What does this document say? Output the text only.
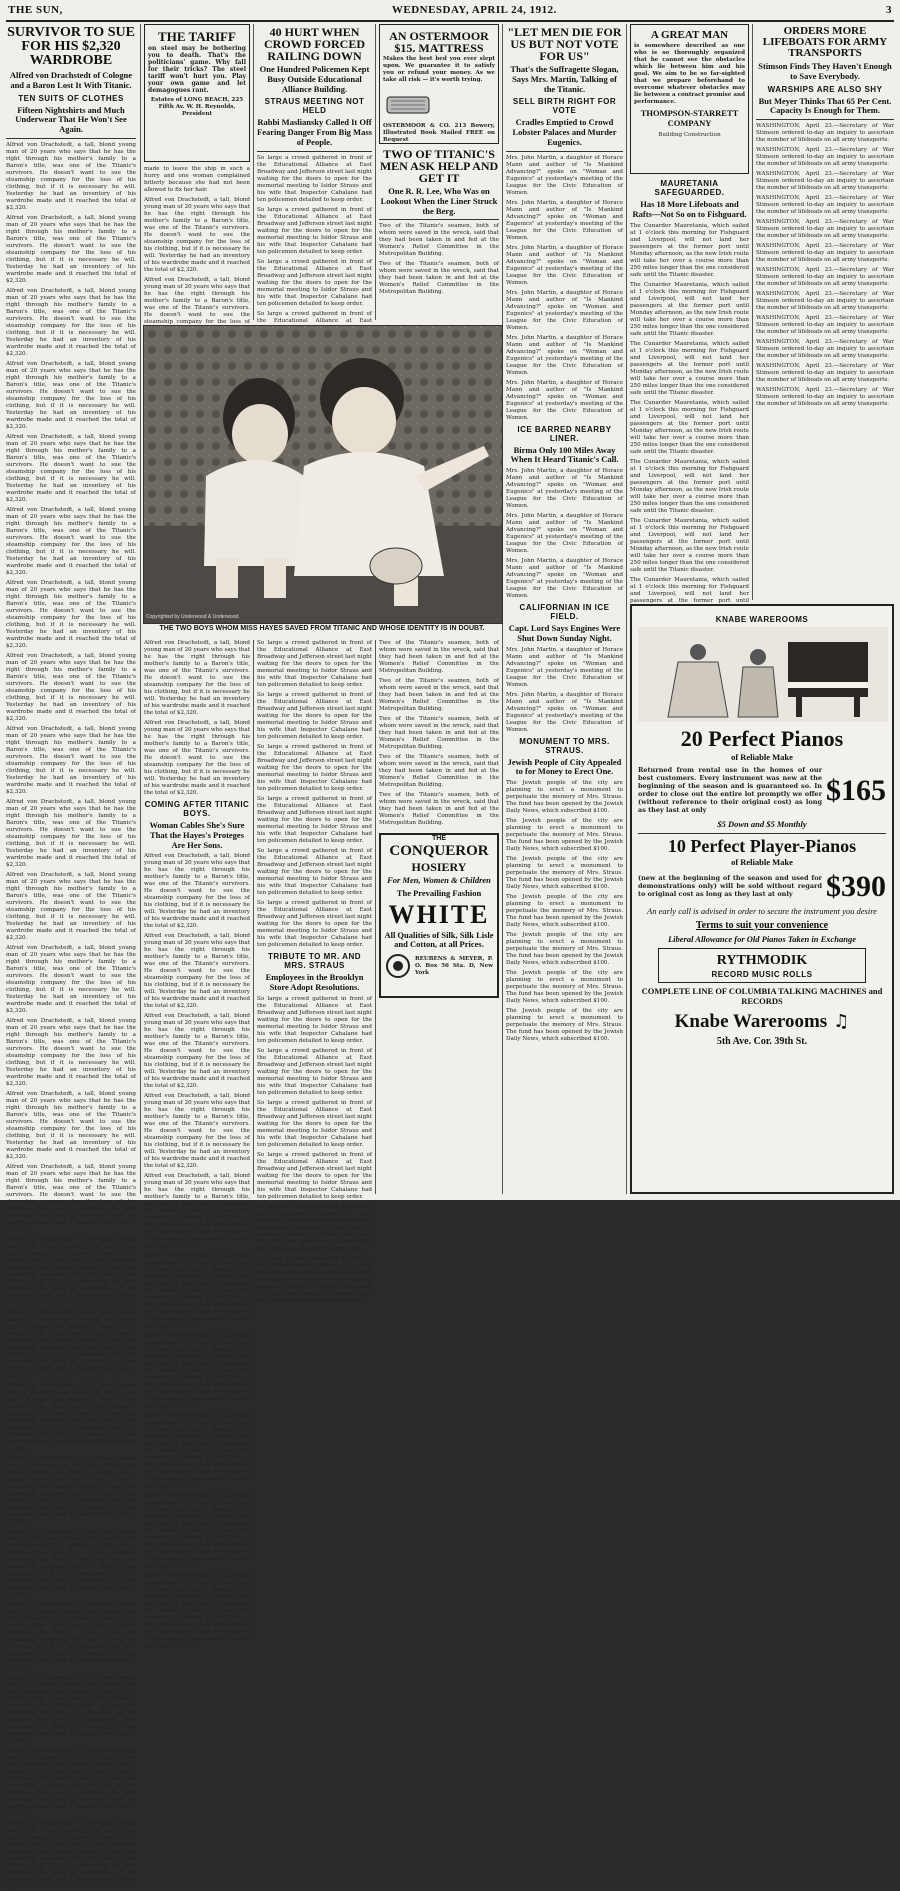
THE SUN,	WEDNESDAY, APRIL 24, 1912.	3
SURVIVOR TO SUE FOR HIS $2,320 WARDROBE
Alfred von Drachstedt of Cologne and a Baron Lost It With Titanic.
TEN SUITS OF CLOTHES
Fifteen Nightshirts and Much Underwear That He Won't See Again.

Alfred von Drachstedt, a tall, blond young man of 20 years who says that he has the right through his mother's family to a Baron's title, was one of the Titanic's survivors. He doesn't want to sue the steamship company for the loss of his clothing, but if it is necessary he will. Yesterday he had an inventory of his wardrobe made and it reached the total of $2,320.

Alfred von Drachstedt, a tall, blond young man of 20 years who says that he has the right through his mother's family to a Baron's title, was one of the Titanic's survivors. He doesn't want to sue the steamship company for the loss of his clothing, but if it is necessary he will. Yesterday he had an inventory of his wardrobe made and it reached the total of $2,320.

Alfred von Drachstedt, a tall, blond young man of 20 years who says that he has the right through his mother's family to a Baron's title, was one of the Titanic's survivors. He doesn't want to sue the steamship company for the loss of his clothing, but if it is necessary he will. Yesterday he had an inventory of his wardrobe made and it reached the total of $2,320.

Alfred von Drachstedt, a tall, blond young man of 20 years who says that he has the right through his mother's family to a Baron's title, was one of the Titanic's survivors. He doesn't want to sue the steamship company for the loss of his clothing, but if it is necessary he will. Yesterday he had an inventory of his wardrobe made and it reached the total of $2,320.

Alfred von Drachstedt, a tall, blond young man of 20 years who says that he has the right through his mother's family to a Baron's title, was one of the Titanic's survivors. He doesn't want to sue the steamship company for the loss of his clothing, but if it is necessary he will. Yesterday he had an inventory of his wardrobe made and it reached the total of $2,320.

Alfred von Drachstedt, a tall, blond young man of 20 years who says that he has the right through his mother's family to a Baron's title, was one of the Titanic's survivors. He doesn't want to sue the steamship company for the loss of his clothing, but if it is necessary he will. Yesterday he had an inventory of his wardrobe made and it reached the total of $2,320.

Alfred von Drachstedt, a tall, blond young man of 20 years who says that he has the right through his mother's family to a Baron's title, was one of the Titanic's survivors. He doesn't want to sue the steamship company for the loss of his clothing, but if it is necessary he will. Yesterday he had an inventory of his wardrobe made and it reached the total of $2,320.

Alfred von Drachstedt, a tall, blond young man of 20 years who says that he has the right through his mother's family to a Baron's title, was one of the Titanic's survivors. He doesn't want to sue the steamship company for the loss of his clothing, but if it is necessary he will. Yesterday he had an inventory of his wardrobe made and it reached the total of $2,320.

Alfred von Drachstedt, a tall, blond young man of 20 years who says that he has the right through his mother's family to a Baron's title, was one of the Titanic's survivors. He doesn't want to sue the steamship company for the loss of his clothing, but if it is necessary he will. Yesterday he had an inventory of his wardrobe made and it reached the total of $2,320.

Alfred von Drachstedt, a tall, blond young man of 20 years who says that he has the right through his mother's family to a Baron's title, was one of the Titanic's survivors. He doesn't want to sue the steamship company for the loss of his clothing, but if it is necessary he will. Yesterday he had an inventory of his wardrobe made and it reached the total of $2,320.

Alfred von Drachstedt, a tall, blond young man of 20 years who says that he has the right through his mother's family to a Baron's title, was one of the Titanic's survivors. He doesn't want to sue the steamship company for the loss of his clothing, but if it is necessary he will. Yesterday he had an inventory of his wardrobe made and it reached the total of $2,320.

Alfred von Drachstedt, a tall, blond young man of 20 years who says that he has the right through his mother's family to a Baron's title, was one of the Titanic's survivors. He doesn't want to sue the steamship company for the loss of his clothing, but if it is necessary he will. Yesterday he had an inventory of his wardrobe made and it reached the total of $2,320.

Alfred von Drachstedt, a tall, blond young man of 20 years who says that he has the right through his mother's family to a Baron's title, was one of the Titanic's survivors. He doesn't want to sue the steamship company for the loss of his clothing, but if it is necessary he will. Yesterday he had an inventory of his wardrobe made and it reached the total of $2,320.

Alfred von Drachstedt, a tall, blond young man of 20 years who says that he has the right through his mother's family to a Baron's title, was one of the Titanic's survivors. He doesn't want to sue the steamship company for the loss of his clothing, but if it is necessary he will. Yesterday he had an inventory of his wardrobe made and it reached the total of $2,320.

Alfred von Drachstedt, a tall, blond young man of 20 years who says that he has the right through his mother's family to a Baron's title, was one of the Titanic's survivors. He doesn't want to sue the steamship company for the loss of his clothing, but if it is necessary he will. Yesterday he had an inventory of his wardrobe made and it reached the total of $2,320.

Alfred von Drachstedt, a tall, blond young man of 20 years who says that he has the right through his mother's family to a Baron's title, was one of the Titanic's survivors. He doesn't want to sue the steamship company for the loss of his clothing, but if it is necessary he will. Yesterday he had an inventory of his wardrobe made and it reached the total of $2,320.

Alfred von Drachstedt, a tall, blond young man of 20 years who says that he has the right through his mother's family to a Baron's title, was one of the Titanic's survivors. He doesn't want to sue the steamship company for the loss of his clothing, but if it is necessary he will. Yesterday he had an inventory of his wardrobe made and it reached the total of $2,320.

Alfred von Drachstedt, a tall, blond young man of 20 years who says that he has the right through his mother's family to a Baron's title, was one of the Titanic's survivors. He doesn't want to sue the steamship company for the loss of his clothing, but if it is necessary he will. Yesterday he had an inventory of his wardrobe made and it reached the total of $2,320.

Alfred von Drachstedt, a tall, blond young man of 20 years who says that he has the right through his mother's family to a Baron's title, was one of the Titanic's survivors. He doesn't want to sue the steamship company for the loss of his clothing, but if it is necessary he will. Yesterday he had an inventory of his wardrobe made and it reached the total of $2,320.

Alfred von Drachstedt, a tall, blond young man of 20 years who says that he has the right through his mother's family to a Baron's title, was one of the Titanic's survivors. He doesn't want to sue the steamship company for the loss of his clothing, but if it is necessary he will. Yesterday he had an inventory of his wardrobe made and it reached the total of $2,320.

Alfred von Drachstedt, a tall, blond young man of 20 years who says that he has the right through his mother's family to a Baron's title, was one of the Titanic's survivors. He doesn't want to sue the steamship company for the loss of his clothing, but if it is necessary he will. Yesterday he had an inventory of his wardrobe made and it reached the total of $2,320.

Alfred von Drachstedt, a tall, blond young man of 20 years who says that he has the right through his mother's family to a Baron's title, was one of the Titanic's survivors. He doesn't want to sue the steamship company for the loss of his clothing, but if it is necessary he will. Yesterday he had an inventory of his wardrobe made and it reached the total of $2,320.

Alfred von Drachstedt, a tall, blond young man of 20 years who says that he has the right through his mother's family to a Baron's title, was one of the Titanic's survivors. He doesn't want to sue the steamship company for the loss of his clothing, but if it is necessary he will. Yesterday he had an inventory of his wardrobe made and it reached the total of $2,320.

Alfred von Drachstedt, a tall, blond young man of 20 years who says that he has the right through his mother's family to a Baron's title, was one of the Titanic's survivors. He doesn't want to sue the steamship company for the loss of his clothing, but if it is necessary he will. Yesterday he had an inventory of his wardrobe made and it reached the total of $2,320.

THE TARIFF

on steel may be bothering you to death. That's the politicians' game. Why fall for their tricks? The steel tariff won't hurt you. Play your own game and let demagogues rant.

Estates of LONG BEACH, 225 Fifth Av. W. H. Reynolds, President

made to leave the ship in such a hurry and one woman complained bitterly because she had not been allowed to fix her hair.

Alfred von Drachstedt, a tall, blond young man of 20 years who says that he has the right through his mother's family to a Baron's title, was one of the Titanic's survivors. He doesn't want to sue the steamship company for the loss of his clothing, but if it is necessary he will. Yesterday he had an inventory of his wardrobe made and it reached the total of $2,320.

Alfred von Drachstedt, a tall, blond young man of 20 years who says that he has the right through his mother's family to a Baron's title, was one of the Titanic's survivors. He doesn't want to sue the steamship company for the loss of

40 HURT WHEN CROWD FORCED RAILING DOWN
One Hundred Policemen Kept Busy Outside Educational Alliance Building.
STRAUS MEETING NOT HELD
Rabbi Masliansky Called It Off Fearing Danger From Big Mass of People.

So large a crowd gathered in front of the Educational Alliance at East Broadway and Jefferson street last night waiting for the doors to open for the memorial meeting to Isidor Straus and his wife that Inspector Cahalane had ten policemen detailed to keep order.

So large a crowd gathered in front of the Educational Alliance at East Broadway and Jefferson street last night waiting for the doors to open for the memorial meeting to Isidor Straus and his wife that Inspector Cahalane had ten policemen detailed to keep order.

So large a crowd gathered in front of the Educational Alliance at East Broadway and Jefferson street last night waiting for the doors to open for the memorial meeting to Isidor Straus and his wife that Inspector Cahalane had ten policemen detailed to keep order.

So large a crowd gathered in front of the Educational Alliance at East

AN OSTERMOOR $15. MATTRESS

Makes the best bed you ever slept upon. We guarantee it to satisfy you or refund your money. As we take all risk — it's worth trying.

OSTERMOOR & CO. 213 Bowery, Illustrated Book Mailed FREE on Request

TWO OF TITANIC'S MEN ASK HELP AND GET IT
One R. R. Lee, Who Was on Lookout When the Liner Struck the Berg.

Two of the Titanic's seamen, both of whom were saved in the wreck, said that they had been taken in and fed at the Women's Relief Committee in the Metropolitan Building.

Two of the Titanic's seamen, both of whom were saved in the wreck, said that they had been taken in and fed at the Women's Relief Committee in the Metropolitan Building.

Copyrighted by Underwood & Underwood.
THE TWO BOYS WHOM MISS HAYES SAVED FROM TITANIC AND WHOSE IDENTITY IS IN DOUBT.

Alfred von Drachstedt, a tall, blond young man of 20 years who says that he has the right through his mother's family to a Baron's title, was one of the Titanic's survivors. He doesn't want to sue the steamship company for the loss of his clothing, but if it is necessary he will. Yesterday he had an inventory of his wardrobe made and it reached the total of $2,320.

Alfred von Drachstedt, a tall, blond young man of 20 years who says that he has the right through his mother's family to a Baron's title, was one of the Titanic's survivors. He doesn't want to sue the steamship company for the loss of his clothing, but if it is necessary he will. Yesterday he had an inventory of his wardrobe made and it reached the total of $2,320.

COMING AFTER TITANIC BOYS.
Woman Cables She's Sure That the Hayes's Proteges Are Her Sons.

Alfred von Drachstedt, a tall, blond young man of 20 years who says that he has the right through his mother's family to a Baron's title, was one of the Titanic's survivors. He doesn't want to sue the steamship company for the loss of his clothing, but if it is necessary he will. Yesterday he had an inventory of his wardrobe made and it reached the total of $2,320.

Alfred von Drachstedt, a tall, blond young man of 20 years who says that he has the right through his mother's family to a Baron's title, was one of the Titanic's survivors. He doesn't want to sue the steamship company for the loss of his clothing, but if it is necessary he will. Yesterday he had an inventory of his wardrobe made and it reached the total of $2,320.

Alfred von Drachstedt, a tall, blond young man of 20 years who says that he has the right through his mother's family to a Baron's title, was one of the Titanic's survivors. He doesn't want to sue the steamship company for the loss of his clothing, but if it is necessary he will. Yesterday he had an inventory of his wardrobe made and it reached the total of $2,320.

Alfred von Drachstedt, a tall, blond young man of 20 years who says that he has the right through his mother's family to a Baron's title, was one of the Titanic's survivors. He doesn't want to sue the steamship company for the loss of his clothing, but if it is necessary he will. Yesterday he had an inventory of his wardrobe made and it reached the total of $2,320.

Alfred von Drachstedt, a tall, blond young man of 20 years who says that he has the right through his mother's family to a Baron's title, was one of the Titanic's survivors. He doesn't want to sue the steamship company for the loss of his clothing, but if it is necessary he will. Yesterday he had an inventory of his wardrobe made and it reached the total of $2,320.

Alfred von Drachstedt, a tall, blond young man of 20 years who says that he has the right through his mother's family to a Baron's title, was one of the Titanic's survivors. He doesn't want to sue the steamship company for the loss of his clothing, but if it is necessary he will. Yesterday he had an inventory of his wardrobe made and it reached the total of $2,320.

Alfred von Drachstedt, a tall, blond young man of 20 years who says that he has the right through his mother's family to a Baron's title, was one of the Titanic's survivors. He doesn't want to sue the steamship company for the loss of his clothing, but if it is necessary he will. Yesterday he had an inventory of his wardrobe made and it reached the total of $2,320.

Alfred von Drachstedt, a tall, blond young man of 20 years who says that he has the right through his mother's family to a Baron's title, was one of the Titanic's survivors. He doesn't want to sue the steamship company for the loss of his clothing, but if it is necessary he will. Yesterday he had an inventory of his wardrobe made and it reached the total of $2,320.

Alfred von Drachstedt, a tall, blond young man of 20 years who says that he has the right through his mother's family to a Baron's title, was one of the Titanic's survivors. He doesn't want to sue the steamship company for the loss of his clothing, but if it is necessary he will. Yesterday he had an inventory of his wardrobe made and it reached the total of $2,320.

Alfred von Drachstedt, a tall, blond young man of 20 years who says that he has the right through his mother's family to a Baron's title, was one of the Titanic's survivors. He doesn't want to sue the steamship company for the loss of his clothing, but if it is necessary he will. Yesterday he had an inventory of his wardrobe made and it reached the total of $2,320.

So large a crowd gathered in front of the Educational Alliance at East Broadway and Jefferson street last night waiting for the doors to open for the memorial meeting to Isidor Straus and his wife that Inspector Cahalane had ten policemen detailed to keep order.

So large a crowd gathered in front of the Educational Alliance at East Broadway and Jefferson street last night waiting for the doors to open for the memorial meeting to Isidor Straus and his wife that Inspector Cahalane had ten policemen detailed to keep order.

So large a crowd gathered in front of the Educational Alliance at East Broadway and Jefferson street last night waiting for the doors to open for the memorial meeting to Isidor Straus and his wife that Inspector Cahalane had ten policemen detailed to keep order.

So large a crowd gathered in front of the Educational Alliance at East Broadway and Jefferson street last night waiting for the doors to open for the memorial meeting to Isidor Straus and his wife that Inspector Cahalane had ten policemen detailed to keep order.

So large a crowd gathered in front of the Educational Alliance at East Broadway and Jefferson street last night waiting for the doors to open for the memorial meeting to Isidor Straus and his wife that Inspector Cahalane had ten policemen detailed to keep order.

So large a crowd gathered in front of the Educational Alliance at East Broadway and Jefferson street last night waiting for the doors to open for the memorial meeting to Isidor Straus and his wife that Inspector Cahalane had ten policemen detailed to keep order.

TRIBUTE TO MR. AND MRS. STRAUS
Employees in the Brooklyn Store Adopt Resolutions.

So large a crowd gathered in front of the Educational Alliance at East Broadway and Jefferson street last night waiting for the doors to open for the memorial meeting to Isidor Straus and his wife that Inspector Cahalane had ten policemen detailed to keep order.

So large a crowd gathered in front of the Educational Alliance at East Broadway and Jefferson street last night waiting for the doors to open for the memorial meeting to Isidor Straus and his wife that Inspector Cahalane had ten policemen detailed to keep order.

So large a crowd gathered in front of the Educational Alliance at East Broadway and Jefferson street last night waiting for the doors to open for the memorial meeting to Isidor Straus and his wife that Inspector Cahalane had ten policemen detailed to keep order.

So large a crowd gathered in front of the Educational Alliance at East Broadway and Jefferson street last night waiting for the doors to open for the memorial meeting to Isidor Straus and his wife that Inspector Cahalane had ten policemen detailed to keep order.

So large a crowd gathered in front of the Educational Alliance at East Broadway and Jefferson street last night waiting for the doors to open for the memorial meeting to Isidor Straus and his wife that Inspector Cahalane had ten policemen detailed to keep order.

So large a crowd gathered in front of the Educational Alliance at East Broadway and Jefferson street last night waiting for the doors to open for the memorial meeting to Isidor Straus and his wife that Inspector Cahalane had ten policemen detailed to keep order.

Two of the Titanic's seamen, both of whom were saved in the wreck, said that they had been taken in and fed at the Women's Relief Committee in the Metropolitan Building.

Two of the Titanic's seamen, both of whom were saved in the wreck, said that they had been taken in and fed at the Women's Relief Committee in the Metropolitan Building.

Two of the Titanic's seamen, both of whom were saved in the wreck, said that they had been taken in and fed at the Women's Relief Committee in the Metropolitan Building.

Two of the Titanic's seamen, both of whom were saved in the wreck, said that they had been taken in and fed at the Women's Relief Committee in the Metropolitan Building.

Two of the Titanic's seamen, both of whom were saved in the wreck, said that they had been taken in and fed at the Women's Relief Committee in the Metropolitan Building.

THE
CONQUEROR
HOSIERY
For Men, Women & Children
The Prevailing Fashion
WHITE
All Qualities of Silk, Silk Lisle and Cotton, at all Prices.
REUBENS & MEYER, P. O. Box 56 Sta. D, New York
"LET MEN DIE FOR US BUT NOT VOTE FOR US"
That's the Suffragette Slogan, Says Mrs. Martin, Talking of the Titanic.
SELL BIRTH RIGHT FOR VOTE
Cradles Emptied to Crowd Lobster Palaces and Murder Eugenics.

Mrs. John Martin, a daughter of Horace Mann and author of "Is Mankind Advancing?" spoke on "Woman and Eugenics" at yesterday's meeting of the League for the Civic Education of Women.

Mrs. John Martin, a daughter of Horace Mann and author of "Is Mankind Advancing?" spoke on "Woman and Eugenics" at yesterday's meeting of the League for the Civic Education of Women.

Mrs. John Martin, a daughter of Horace Mann and author of "Is Mankind Advancing?" spoke on "Woman and Eugenics" at yesterday's meeting of the League for the Civic Education of Women.

Mrs. John Martin, a daughter of Horace Mann and author of "Is Mankind Advancing?" spoke on "Woman and Eugenics" at yesterday's meeting of the League for the Civic Education of Women.

Mrs. John Martin, a daughter of Horace Mann and author of "Is Mankind Advancing?" spoke on "Woman and Eugenics" at yesterday's meeting of the League for the Civic Education of Women.

Mrs. John Martin, a daughter of Horace Mann and author of "Is Mankind Advancing?" spoke on "Woman and Eugenics" at yesterday's meeting of the League for the Civic Education of Women.

ICE BARRED NEARBY LINER.
Birma Only 100 Miles Away When It Heard Titanic's Call.

Mrs. John Martin, a daughter of Horace Mann and author of "Is Mankind Advancing?" spoke on "Woman and Eugenics" at yesterday's meeting of the League for the Civic Education of Women.

Mrs. John Martin, a daughter of Horace Mann and author of "Is Mankind Advancing?" spoke on "Woman and Eugenics" at yesterday's meeting of the League for the Civic Education of Women.

Mrs. John Martin, a daughter of Horace Mann and author of "Is Mankind Advancing?" spoke on "Woman and Eugenics" at yesterday's meeting of the League for the Civic Education of Women.

CALIFORNIAN IN ICE FIELD.
Capt. Lord Says Engines Were Shut Down Sunday Night.

Mrs. John Martin, a daughter of Horace Mann and author of "Is Mankind Advancing?" spoke on "Woman and Eugenics" at yesterday's meeting of the League for the Civic Education of Women.

Mrs. John Martin, a daughter of Horace Mann and author of "Is Mankind Advancing?" spoke on "Woman and Eugenics" at yesterday's meeting of the League for the Civic Education of Women.

MONUMENT TO MRS. STRAUS.
Jewish People of City Appealed to for Money to Erect One.

The Jewish people of the city are planning to erect a monument to perpetuate the memory of Mrs. Straus. The fund has been opened by the Jewish Daily News, which subscribed $100.

The Jewish people of the city are planning to erect a monument to perpetuate the memory of Mrs. Straus. The fund has been opened by the Jewish Daily News, which subscribed $100.

The Jewish people of the city are planning to erect a monument to perpetuate the memory of Mrs. Straus. The fund has been opened by the Jewish Daily News, which subscribed $100.

The Jewish people of the city are planning to erect a monument to perpetuate the memory of Mrs. Straus. The fund has been opened by the Jewish Daily News, which subscribed $100.

The Jewish people of the city are planning to erect a monument to perpetuate the memory of Mrs. Straus. The fund has been opened by the Jewish Daily News, which subscribed $100.

The Jewish people of the city are planning to erect a monument to perpetuate the memory of Mrs. Straus. The fund has been opened by the Jewish Daily News, which subscribed $100.

The Jewish people of the city are planning to erect a monument to perpetuate the memory of Mrs. Straus. The fund has been opened by the Jewish Daily News, which subscribed $100.

A GREAT MAN

is somewhere described as one who is so thoroughly organized that he cannot see the obstacles which lie between him and his goal. We aim to be so far-sighted that we prepare beforehand to overcome whatever obstacles may lie between a contract promise and performance.

THOMPSON-STARRETT COMPANY
Building Construction
MAURETANIA SAFEGUARDED.
Has 18 More Lifeboats and Rafts—Not So on to Fishguard.

The Cunarder Mauretania, which sailed at 1 o'clock this morning for Fishguard and Liverpool, will not land her passengers at the former port until Monday afternoon, as the new Irish route will take her over a course more than 250 miles longer than the one considered safe until the Titanic disaster.

The Cunarder Mauretania, which sailed at 1 o'clock this morning for Fishguard and Liverpool, will not land her passengers at the former port until Monday afternoon, as the new Irish route will take her over a course more than 250 miles longer than the one considered safe until the Titanic disaster.

The Cunarder Mauretania, which sailed at 1 o'clock this morning for Fishguard and Liverpool, will not land her passengers at the former port until Monday afternoon, as the new Irish route will take her over a course more than 250 miles longer than the one considered safe until the Titanic disaster.

The Cunarder Mauretania, which sailed at 1 o'clock this morning for Fishguard and Liverpool, will not land her passengers at the former port until Monday afternoon, as the new Irish route will take her over a course more than 250 miles longer than the one considered safe until the Titanic disaster.

The Cunarder Mauretania, which sailed at 1 o'clock this morning for Fishguard and Liverpool, will not land her passengers at the former port until Monday afternoon, as the new Irish route will take her over a course more than 250 miles longer than the one considered safe until the Titanic disaster.

The Cunarder Mauretania, which sailed at 1 o'clock this morning for Fishguard and Liverpool, will not land her passengers at the former port until Monday afternoon, as the new Irish route will take her over a course more than 250 miles longer than the one considered safe until the Titanic disaster.

The Cunarder Mauretania, which sailed at 1 o'clock this morning for Fishguard and Liverpool, will not land her passengers at the former port until

ORDERS MORE LIFEBOATS FOR ARMY TRANSPORTS
Stimson Finds They Haven't Enough to Save Everybody.
WARSHIPS ARE ALSO SHY
But Meyer Thinks That 65 Per Cent. Capacity Is Enough for Them.

WASHINGTON, April 23.—Secretary of War Stimson ordered to-day an inquiry to ascertain the number of lifeboats on all army transports.

WASHINGTON, April 23.—Secretary of War Stimson ordered to-day an inquiry to ascertain the number of lifeboats on all army transports.

WASHINGTON, April 23.—Secretary of War Stimson ordered to-day an inquiry to ascertain the number of lifeboats on all army transports.

WASHINGTON, April 23.—Secretary of War Stimson ordered to-day an inquiry to ascertain the number of lifeboats on all army transports.

WASHINGTON, April 23.—Secretary of War Stimson ordered to-day an inquiry to ascertain the number of lifeboats on all army transports.

WASHINGTON, April 23.—Secretary of War Stimson ordered to-day an inquiry to ascertain the number of lifeboats on all army transports.

WASHINGTON, April 23.—Secretary of War Stimson ordered to-day an inquiry to ascertain the number of lifeboats on all army transports.

WASHINGTON, April 23.—Secretary of War Stimson ordered to-day an inquiry to ascertain the number of lifeboats on all army transports.

WASHINGTON, April 23.—Secretary of War Stimson ordered to-day an inquiry to ascertain the number of lifeboats on all army transports.

WASHINGTON, April 23.—Secretary of War Stimson ordered to-day an inquiry to ascertain the number of lifeboats on all army transports.

WASHINGTON, April 23.—Secretary of War Stimson ordered to-day an inquiry to ascertain the number of lifeboats on all army transports.

WASHINGTON, April 23.—Secretary of War Stimson ordered to-day an inquiry to ascertain the number of lifeboats on all army transports.

KNABE WAREROOMS
20 Perfect Pianos
of Reliable Make

Returned from rental use in the homes of our best customers. Every instrument was new at the beginning of the season and is guaranteed so. In order to close out the entire lot promptly we offer (without reference to their original cost) as long as they last at only

$165
$5 Down and $5 Monthly
10 Perfect Player-Pianos
of Reliable Make

(new at the beginning of the season and used for demonstrations only) will be sold without regard to original cost as long as they last at only	$390
An early call is advised in order to secure the instrument you desire
Terms to suit your convenience
Liberal Allowance for Old Pianos Taken in Exchange
RYTHMODIK
RECORD MUSIC ROLLS
COMPLETE LINE OF COLUMBIA TALKING MACHINES and RECORDS
Knabe Warerooms ♫
5th Ave. Cor. 39th St.
